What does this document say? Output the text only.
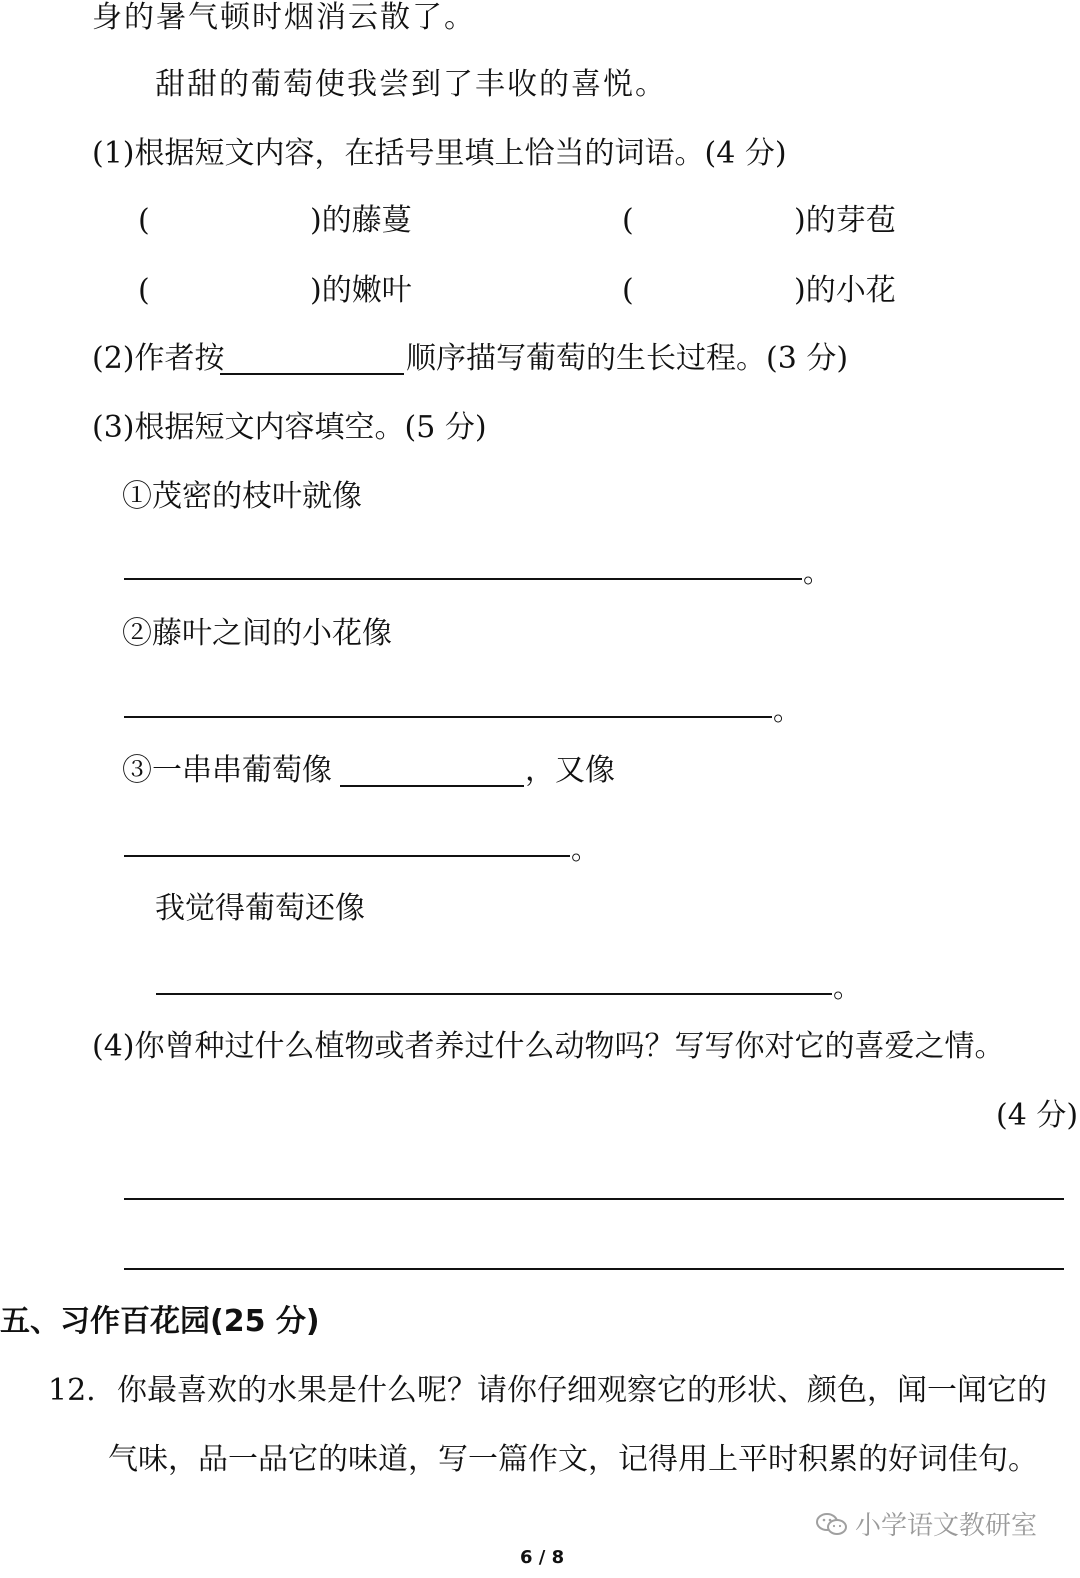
身的暑气顿时烟消云散了。
甜甜的葡萄使我尝到了丰收的喜悦。
(1)根据短文内容，在括号里填上恰当的词语。(4 分)
(	)的藤蔓	(	)的芽苞
(	)的嫩叶	(	)的小花
(2)作者按	顺序描写葡萄的生长过程。(3 分)
(3)根据短文内容填空。(5 分)
①茂密的枝叶就像
。
②藤叶之间的小花像
。
③一串串葡萄像	，又像
。
我觉得葡萄还像
。
(4)你曾种过什么植物或者养过什么动物吗？写写你对它的喜爱之情。
(4 分)
五、习作百花园(25 分)
12. 你最喜欢的水果是什么呢？请你仔细观察它的形状、颜色，闻一闻它的
气味，品一品它的味道，写一篇作文，记得用上平时积累的好词佳句。
小学语文教研室
6 / 8
